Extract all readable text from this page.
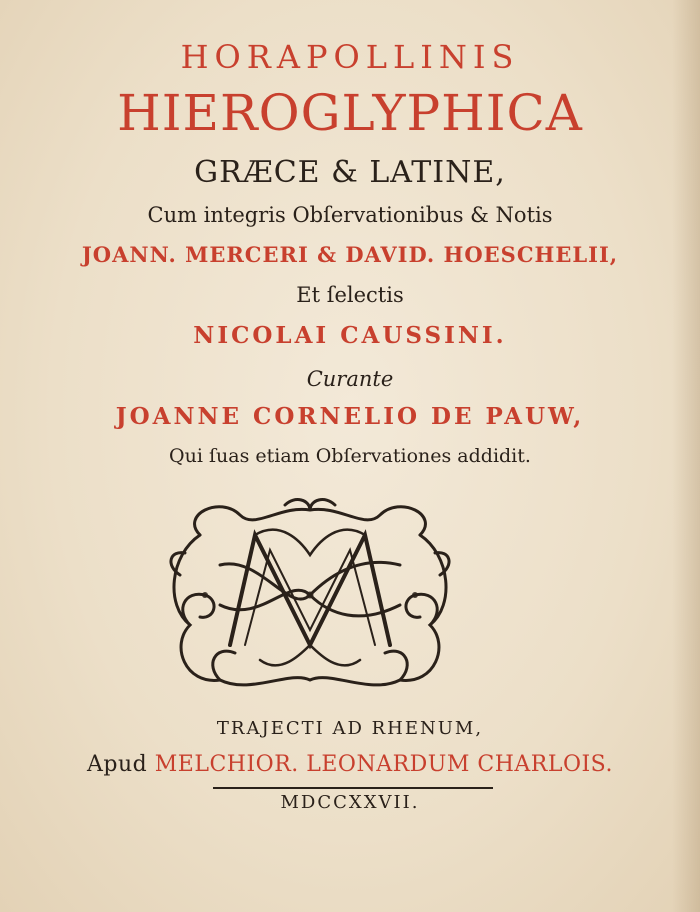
HORAPOLLINIS
HIEROGLYPHICA
GRÆCE & LATINE,
Cum integris Obſervationibus & Notis
JOANN. MERCERI & DAVID. HOESCHELII,
Et ſelectis
NICOLAI CAUSSINI.
Curante
JOANNE CORNELIO DE PAUW,
Qui ſuas etiam Obſervationes addidit.
TRAJECTI AD RHENUM,
Apud MELCHIOR. LEONARDUM CHARLOIS.
MDCCXXVII.
